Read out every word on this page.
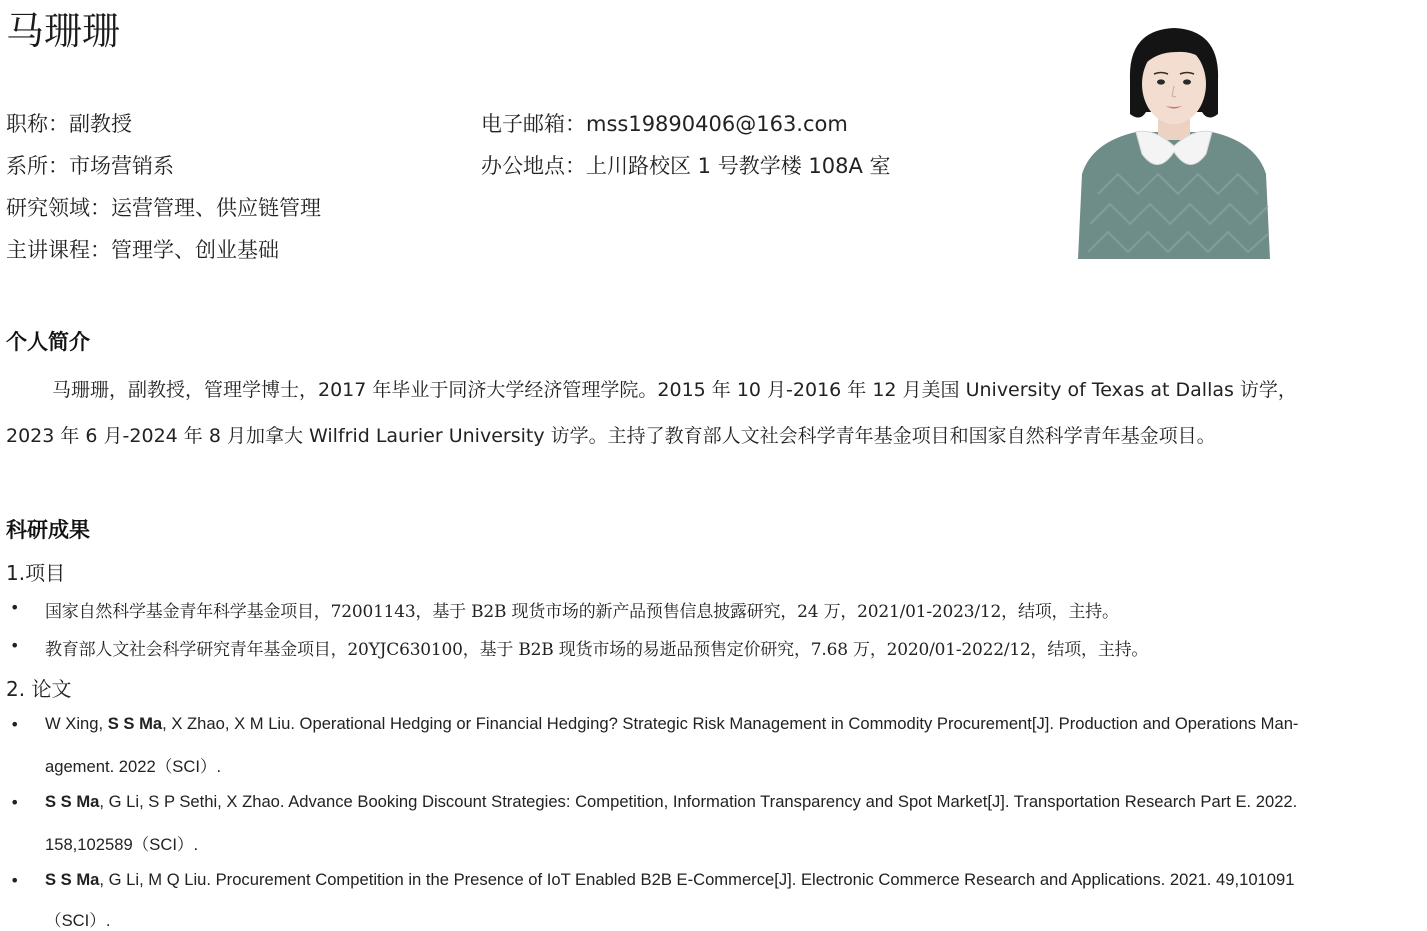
马珊珊
职称：副教授
系所：市场营销系
研究领域：运营管理、供应链管理
主讲课程：管理学、创业基础
电子邮箱：mss19890406@163.com
办公地点：上川路校区 1 号教学楼 108A 室
个人简介
马珊珊，副教授，管理学博士，2017 年毕业于同济大学经济管理学院。2015 年 10 月-2016 年 12 月美国 University of Texas at Dallas 访学，
2023 年 6 月-2024 年 8 月加拿大 Wilfrid Laurier University 访学。主持了教育部人文社会科学青年基金项目和国家自然科学青年基金项目。
科研成果
1.项目
• 国家自然科学基金青年科学基金项目，72001143，基于 B2B 现货市场的新产品预售信息披露研究，24 万，2021/01-2023/12，结项，主持。
• 教育部人文社会科学研究青年基金项目，20YJC630100，基于 B2B 现货市场的易逝品预售定价研究，7.68 万，2020/01-2022/12，结项，主持。
2. 论文
• W Xing, S S Ma, X Zhao, X M Liu. Operational Hedging or Financial Hedging? Strategic Risk Management in Commodity Procurement[J]. Production and Operations Man-
agement. 2022（SCI）.
• S S Ma, G Li, S P Sethi, X Zhao. Advance Booking Discount Strategies: Competition, Information Transparency and Spot Market[J]. Transportation Research Part E. 2022.
158,102589（SCI）.
• S S Ma, G Li, M Q Liu. Procurement Competition in the Presence of IoT Enabled B2B E-Commerce[J]. Electronic Commerce Research and Applications. 2021. 49,101091
（SCI）.
